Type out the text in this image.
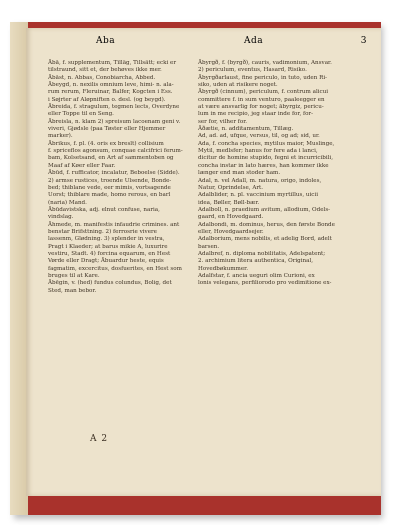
Aba	Ada	3
Ābā, f. supplementum, Tilläg, Tillsätt; ecki er
tilstraund, sitt et, der behøves ikke mer.
Ābāst, n. Abbas, Conobiarcha, Abbed.
Ābeygd, n. nexilis omnium leve, himi- n. ala-
rum rerum, Fleruinar, Balfer, Kogcten i Ess.
i Søjrter af Aløpniften o. desl. (og beygd).
Ābreida, f. stragulum, tegmen lects, Overdyne
eller Toppe til en Seng.
Ābreisla, n. klam 2) spreisum lacoenam geni v.
viveri, Gjødsle (paa Tøster eller Hjemmer
marker).
Ābrikus, f. pl. (4. oris ex breslt) collisium
f. spriceflos agonsum, conquae calcifrici ferum-
bam, Kolsetsand, en Art af sammentoben og
Maaf af Køer eller Faar.
Ābūd, f. rufficator, incalatur, Beboelse (Sidde).
2) armse rustices, troende Ulsende, Bonde-
bed; thiblane vede, eer mimis, vortsagende
Uorst; thiblare made, homo rerous, en barl
(naria) Mand.
Ābūdavistska, adj. elnut confuse, naria, vindslag.
Āhmede, m. manifestis infaudrie crimines. ant
benstar Brifsttning. 2) ferrosrie vivere
lassenm, Glødning. 3) splender in vestra,
Pragt i Klaeder; at barus mikie A, luxurire
vestiru, Stadt. 4) forcina equarum, en Hest
Vørde eller Dragt; Ābuardur heste, equis
fagmatim, excercitus, dosfuerites, en Hest som
bruges til at Kare.
Ābēgin, v. (hed) fundus colundus, Bolig, det
Sted, man bebor.
Ābyrgð, f. (byrgð), cauris, vadimonium, Ansvar.
2) periculum, eventus, Hasard, Risiko.
Ābyrgðarlaust, fine periculo, in tuto, uden Ri-
siko, uden at risikere noget.
Ābyrgð (cinnum), periculum, f. contrum alicui
committere f. in sum venturo, paaleegger en
at være ansvarlig for noget; ābyrgiz, pericu-
lum in me recipio, jeg staar inde for, for-
ser for, vilher for.
Āðætie, n. additamentum, Tillæg.
Ad, ad. ad, ufque, versus, til, og ad; sid, ur.
Ada, f. concha species, mytilus maior, Muslinge,
Mytil, medlsfer; hanus for fere ada i lanci,
dicitur de homine stupido, fegni et incurricibili,
concha instar in lato hæres, han kommer ikke
længer end man stoder ham.
Adal, n. vel Adall, m. natura, origo, indoles,
Natur, Oprindelse, Art.
Adalblider, n. pl. vaccinium myrtillus, uicii
idea, Bøller, Bøll-bær.
Adalboll, n. praedium avitum, allodium, Odels-
gaard, en Hovedgaard.
Adalbondi, m. dominus, herus, den første Bonde
eller, Hovedgaardsejer.
Adalborium, mens nobilis, et adelig Bord, adelt
barsen.
Adalbref, n. diploma nobilitatis, Adelspatent;
2. archimium litera authentica, Original,
Hovedbøkummer.
Adalfstar, f. ancia ueguri olim Curioni, ex
lonis velegans, perfiliorodo pro vedimitione ex-
A 2
